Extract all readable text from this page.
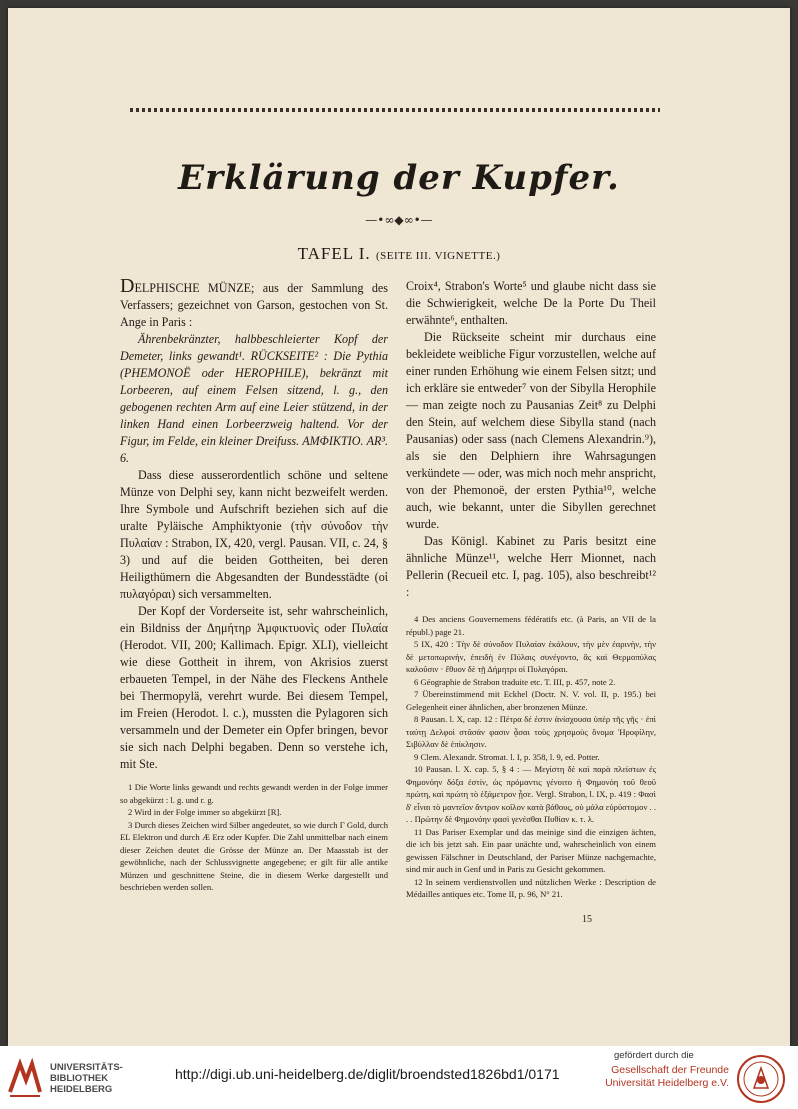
Erklärung der Kupfer.
—•∞◆∞•—
TAFEL I. (SEITE III. VIGNETTE.)

DELPHISCHE MÜNZE; aus der Sammlung des Verfassers; gezeichnet von Garson, gestochen von St. Ange in Paris :

Ährenbekränzter, halbbeschleierter Kopf der Demeter, links gewandt¹. RÜCKSEITE² : Die Pythia (PHEMONOË oder HEROPHILE), bekränzt mit Lorbeeren, auf einem Felsen sitzend, l. g., den gebogenen rechten Arm auf eine Leier stützend, in der linken Hand einen Lorbeerzweig haltend. Vor der Figur, im Felde, ein kleiner Dreifuss. ΑΜΦΙΚΤΙΟ. AR³. 6.

Dass diese ausserordentlich schöne und seltene Münze von Delphi sey, kann nicht bezweifelt werden. Ihre Symbole und Aufschrift beziehen sich auf die uralte Pyläische Amphiktyonie (τὴν σύνοδον τὴν Πυλαίαν : Strabon, IX, 420, vergl. Pausan. VII, c. 24, § 3) und auf die beiden Gottheiten, bei deren Heiligthümern die Abgesandten der Bundesstädte (οἱ πυλαγόραι) sich versammelten.

Der Kopf der Vorderseite ist, sehr wahrscheinlich, ein Bildniss der Δημήτηρ Ἀμφικτυονὶς oder Πυλαία (Herodot. VII, 200; Kallimach. Epigr. XLI), vielleicht wie diese Gottheit in ihrem, von Akrisios zuerst erbaueten Tempel, in der Nähe des Fleckens Anthele bei Thermopylä, verehrt wurde. Bei diesem Tempel, im Freien (Herodot. l. c.), mussten die Pylagoren sich versammeln und der Demeter ein Opfer bringen, bevor sie sich nach Delphi begaben. Denn so verstehe ich, mit Ste.

1 Die Worte links gewandt und rechts gewandt werden in der Folge immer so abgekürzt : l. g. und r. g.

2 Wird in der Folge immer so abgekürzt [R].

3 Durch dieses Zeichen wird Silber angedeutet, so wie durch Γ Gold, durch EL Elektron und durch Æ Erz oder Kupfer. Die Zahl unmittelbar nach einem dieser Zeichen deutet die Grösse der Münze an. Der Maasstab ist der gewöhnliche, nach der Schlussvignette angegebene; er gilt für alle antike Münzen und geschnittene Steine, die in diesem Werke dargestellt und beschrieben werden sollen.

Croix⁴, Strabon's Worte⁵ und glaube nicht dass sie die Schwierigkeit, welche De la Porte Du Theil erwähnte⁶, enthalten.

Die Rückseite scheint mir durchaus eine bekleidete weibliche Figur vorzustellen, welche auf einer runden Erhöhung wie einem Felsen sitzt; und ich erkläre sie entweder⁷ von der Sibylla Herophile — man zeigte noch zu Pausanias Zeit⁸ zu Delphi den Stein, auf welchem diese Sibylla stand (nach Pausanias) oder sass (nach Clemens Alexandrin.⁹), als sie den Delphiern ihre Wahrsagungen verkündete — oder, was mich noch mehr anspricht, von der Phemonoë, der ersten Pythia¹⁰, welche auch, wie bekannt, unter die Sibyllen gerechnet wurde.

Das Königl. Kabinet zu Paris besitzt eine ähnliche Münze¹¹, welche Herr Mionnet, nach Pellerin (Recueil etc. I, pag. 105), also beschreibt¹² :

4 Des anciens Gouvernemens fédératifs etc. (à Paris, an VII de la républ.) page 21.

5 IX, 420 : Τὴν δὲ σύνοδον Πυλαίαν ἐκάλουν, τὴν μὲν ἐαρινὴν, τὴν δὲ μετοπωρινὴν, ἐπειδὴ ἐν Πύλαις συνέγοντο, ἃς καὶ Θερμοπύλας καλοῦσιν · ἔθυον δὲ τῇ Δήμητρι οἱ Πυλαγόραι.

6 Géographie de Strabon traduite etc. T. III, p. 457, note 2.

7 Übereinstimmend mit Eckhel (Doctr. N. V. vol. II, p. 195.) bei Gelegenheit einer ähnlichen, aber bronzenen Münze.

8 Pausan. l. X, cap. 12 : Πέτρα δέ ἐστιν ἀνίσχουσα ὑπὲρ τῆς γῆς · ἐπὶ ταύτῃ Δελφοὶ στᾶσάν φασιν ᾆσαι τοὺς χρησμοὺς ὄνομα Ἡροφίλην, Σιβύλλαν δὲ ἐπίκλησιν.

9 Clem. Alexandr. Stromat. l. I, p. 358, l. 9, ed. Potter.

10 Pausan. l. X. cap. 5, § 4 : — Μεγίστη δὲ καὶ παρὰ πλείστων ἐς Φημονόην δόξα ἐστίν, ὡς πρόμαντις γένοιτο ἡ Φημονόη τοῦ θεοῦ πρώτη, καὶ πρώτη τὸ ἑξάμετρον ᾖσε. Vergl. Strabon, l. IX, p. 419 : Φασὶ δ' εἶναι τὸ μαντεῖον ἄντρον κοῖλον κατὰ βάθους, οὐ μάλα εὐρύστομον . . . . Πρώτην δὲ Φημονόην φασὶ γενέσθαι Πυθίαν κ. τ. λ.

11 Das Pariser Exemplar und das meinige sind die einzigen ächten, die ich bis jetzt sah. Ein paar unächte und, wahrscheinlich von einem gewissen Fälschner in Deutschland, der Pariser Münze nachgemachte, sind mir auch in Genf und in Paris zu Gesicht gekommen.

12 In seinem verdienstvollen und nützlichen Werke : Description de Médailles antiques etc. Tome II, p. 96, N° 21.

15
UNIVERSITÄTS-
BIBLIOTHEK
HEIDELBERG
http://digi.ub.uni-heidelberg.de/diglit/broendsted1826bd1/0171
gefördert durch die
Gesellschaft der Freunde
Universität Heidelberg e.V.
